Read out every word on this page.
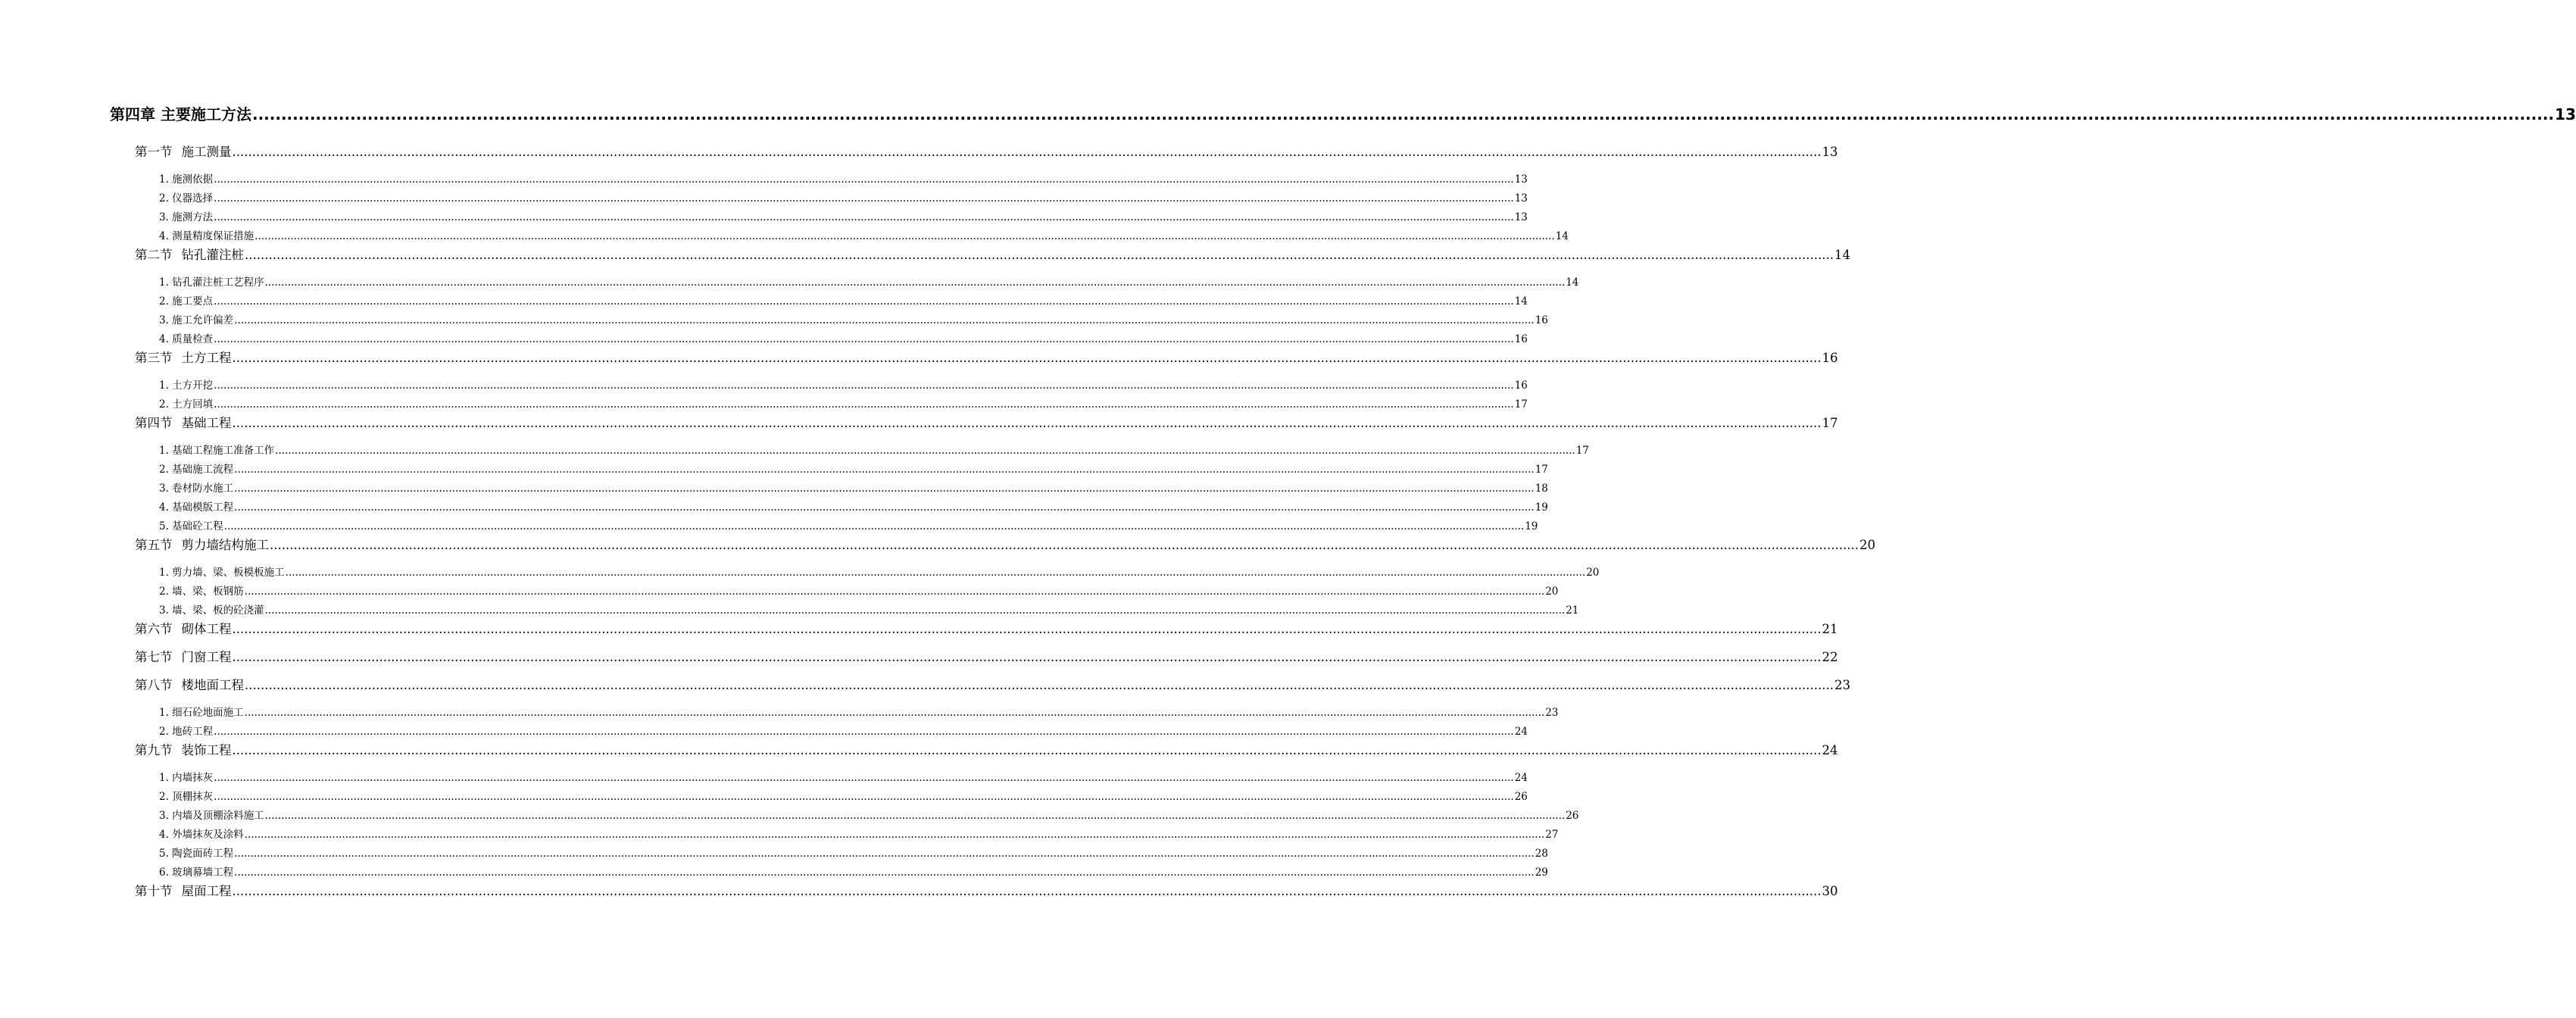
第四章 主要施工方法 ................................................................................................................................................................................................................................................................................................................................................................................................................ 13
第一节 施工测量 ................................................................................................................................................................................................................................................................................................................................................................................................................ 13
1. 施测依据 ................................................................................................................................................................................................................................................................................................................................................................................................................ 13
2. 仪器选择 ................................................................................................................................................................................................................................................................................................................................................................................................................ 13
3. 施测方法 ................................................................................................................................................................................................................................................................................................................................................................................................................ 13
4. 测量精度保证措施 ................................................................................................................................................................................................................................................................................................................................................................................................................ 14
第二节 钻孔灌注桩 ................................................................................................................................................................................................................................................................................................................................................................................................................ 14
1. 钻孔灌注桩工艺程序 ................................................................................................................................................................................................................................................................................................................................................................................................................ 14
2. 施工要点 ................................................................................................................................................................................................................................................................................................................................................................................................................ 14
3. 施工允许偏差 ................................................................................................................................................................................................................................................................................................................................................................................................................ 16
4. 质量检查 ................................................................................................................................................................................................................................................................................................................................................................................................................ 16
第三节 土方工程 ................................................................................................................................................................................................................................................................................................................................................................................................................ 16
1. 土方开挖 ................................................................................................................................................................................................................................................................................................................................................................................................................ 16
2. 土方回填 ................................................................................................................................................................................................................................................................................................................................................................................................................ 17
第四节 基础工程 ................................................................................................................................................................................................................................................................................................................................................................................................................ 17
1. 基础工程施工准备工作 ................................................................................................................................................................................................................................................................................................................................................................................................................ 17
2. 基础施工流程 ................................................................................................................................................................................................................................................................................................................................................................................................................ 17
3. 卷材防水施工 ................................................................................................................................................................................................................................................................................................................................................................................................................ 18
4. 基础模版工程 ................................................................................................................................................................................................................................................................................................................................................................................................................ 19
5. 基础砼工程 ................................................................................................................................................................................................................................................................................................................................................................................................................ 19
第五节 剪力墙结构施工 ................................................................................................................................................................................................................................................................................................................................................................................................................ 20
1. 剪力墙、梁、板模板施工 ................................................................................................................................................................................................................................................................................................................................................................................................................ 20
2. 墙、梁、板钢筋 ................................................................................................................................................................................................................................................................................................................................................................................................................ 20
3. 墙、梁、板的砼浇灌 ................................................................................................................................................................................................................................................................................................................................................................................................................ 21
第六节 砌体工程 ................................................................................................................................................................................................................................................................................................................................................................................................................ 21
第七节 门窗工程 ................................................................................................................................................................................................................................................................................................................................................................................................................ 22
第八节 楼地面工程 ................................................................................................................................................................................................................................................................................................................................................................................................................ 23
1. 细石砼地面施工 ................................................................................................................................................................................................................................................................................................................................................................................................................ 23
2. 地砖工程 ................................................................................................................................................................................................................................................................................................................................................................................................................ 24
第九节 装饰工程 ................................................................................................................................................................................................................................................................................................................................................................................................................ 24
1. 内墙抹灰 ................................................................................................................................................................................................................................................................................................................................................................................................................ 24
2. 顶棚抹灰 ................................................................................................................................................................................................................................................................................................................................................................................................................ 26
3. 内墙及顶棚涂料施工 ................................................................................................................................................................................................................................................................................................................................................................................................................ 26
4. 外墙抹灰及涂料 ................................................................................................................................................................................................................................................................................................................................................................................................................ 27
5. 陶瓷面砖工程 ................................................................................................................................................................................................................................................................................................................................................................................................................ 28
6. 玻璃幕墙工程 ................................................................................................................................................................................................................................................................................................................................................................................................................ 29
第十节 屋面工程 ................................................................................................................................................................................................................................................................................................................................................................................................................ 30
